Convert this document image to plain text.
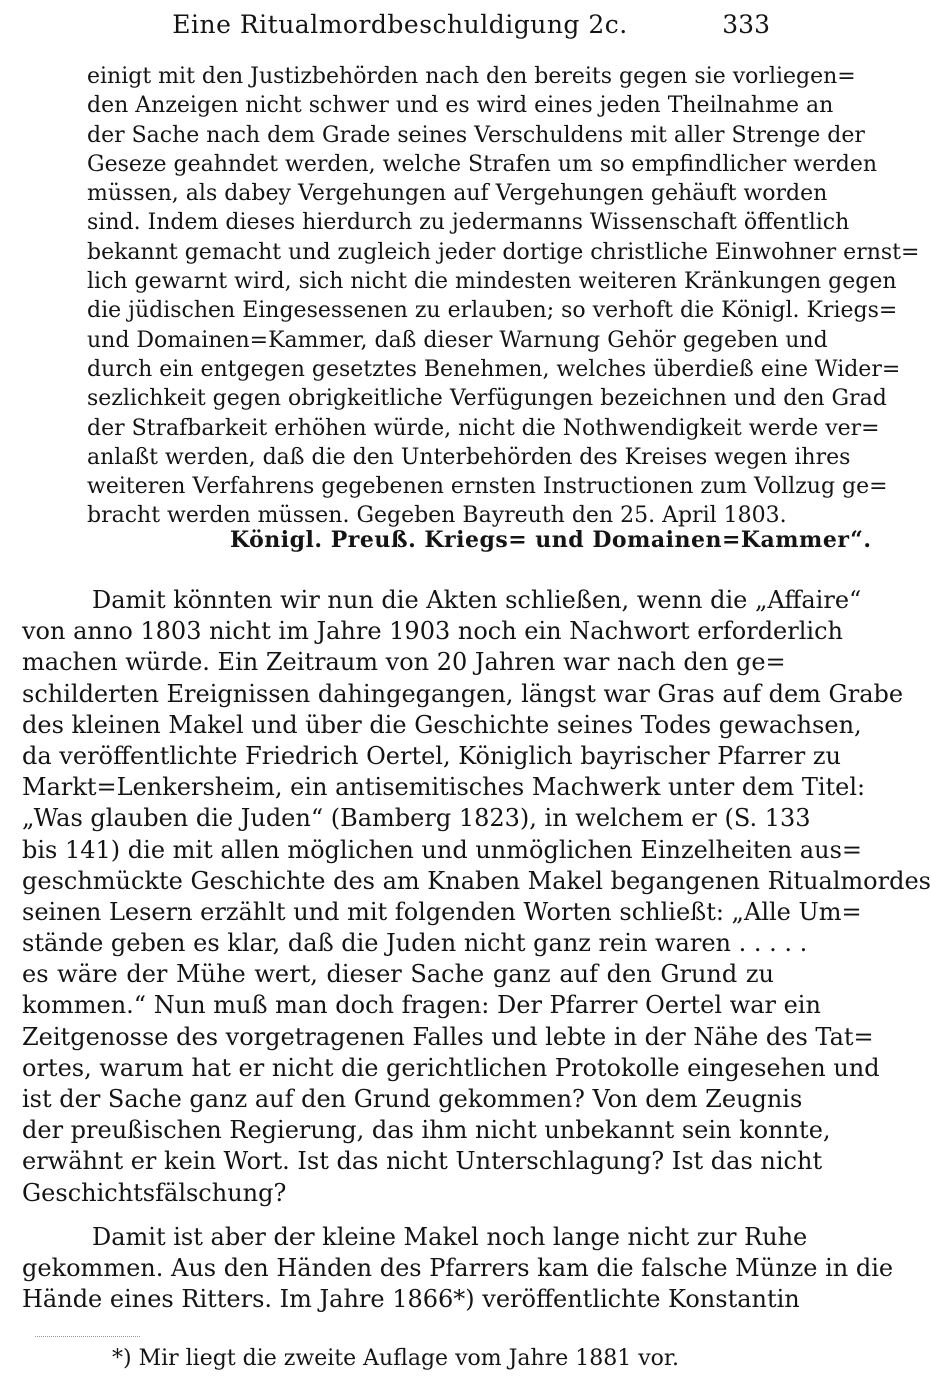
Eine Ritualmordbeschuldigung 2c.	333
einigt mit den Justizbehörden nach den bereits gegen sie vorliegen=
den Anzeigen nicht schwer und es wird eines jeden Theilnahme an
der Sache nach dem Grade seines Verschuldens mit aller Strenge der
Geseze geahndet werden, welche Strafen um so empfindlicher werden
müssen, als dabey Vergehungen auf Vergehungen gehäuft worden
sind. Indem dieses hierdurch zu jedermanns Wissenschaft öffentlich
bekannt gemacht und zugleich jeder dortige christliche Einwohner ernst=
lich gewarnt wird, sich nicht die mindesten weiteren Kränkungen gegen
die jüdischen Eingesessenen zu erlauben; so verhoft die Königl. Kriegs=
und Domainen=Kammer, daß dieser Warnung Gehör gegeben und
durch ein entgegen gesetztes Benehmen, welches überdieß eine Wider=
sezlichkeit gegen obrigkeitliche Verfügungen bezeichnen und den Grad
der Strafbarkeit erhöhen würde, nicht die Nothwendigkeit werde ver=
anlaßt werden, daß die den Unterbehörden des Kreises wegen ihres
weiteren Verfahrens gegebenen ernsten Instructionen zum Vollzug ge=
bracht werden müssen. Gegeben Bayreuth den 25. April 1803.
Königl. Preuß. Kriegs= und Domainen=Kammer“.
Damit könnten wir nun die Akten schließen, wenn die „Affaire“
von anno 1803 nicht im Jahre 1903 noch ein Nachwort erforderlich
machen würde. Ein Zeitraum von 20 Jahren war nach den ge=
schilderten Ereignissen dahingegangen, längst war Gras auf dem Grabe
des kleinen Makel und über die Geschichte seines Todes gewachsen,
da veröffentlichte Friedrich Oertel, Königlich bayrischer Pfarrer zu
Markt=Lenkersheim, ein antisemitisches Machwerk unter dem Titel:
„Was glauben die Juden“ (Bamberg 1823), in welchem er (S. 133
bis 141) die mit allen möglichen und unmöglichen Einzelheiten aus=
geschmückte Geschichte des am Knaben Makel begangenen Ritualmordes
seinen Lesern erzählt und mit folgenden Worten schließt: „Alle Um=
stände geben es klar, daß die Juden nicht ganz rein waren . . . . .
es wäre der Mühe wert, dieser Sache ganz auf den Grund zu
kommen.“ Nun muß man doch fragen: Der Pfarrer Oertel war ein
Zeitgenosse des vorgetragenen Falles und lebte in der Nähe des Tat=
ortes, warum hat er nicht die gerichtlichen Protokolle eingesehen und
ist der Sache ganz auf den Grund gekommen? Von dem Zeugnis
der preußischen Regierung, das ihm nicht unbekannt sein konnte,
erwähnt er kein Wort. Ist das nicht Unterschlagung? Ist das nicht
Geschichtsfälschung?
Damit ist aber der kleine Makel noch lange nicht zur Ruhe
gekommen. Aus den Händen des Pfarrers kam die falsche Münze in die
Hände eines Ritters. Im Jahre 1866*) veröffentlichte Konstantin
*) Mir liegt die zweite Auflage vom Jahre 1881 vor.
